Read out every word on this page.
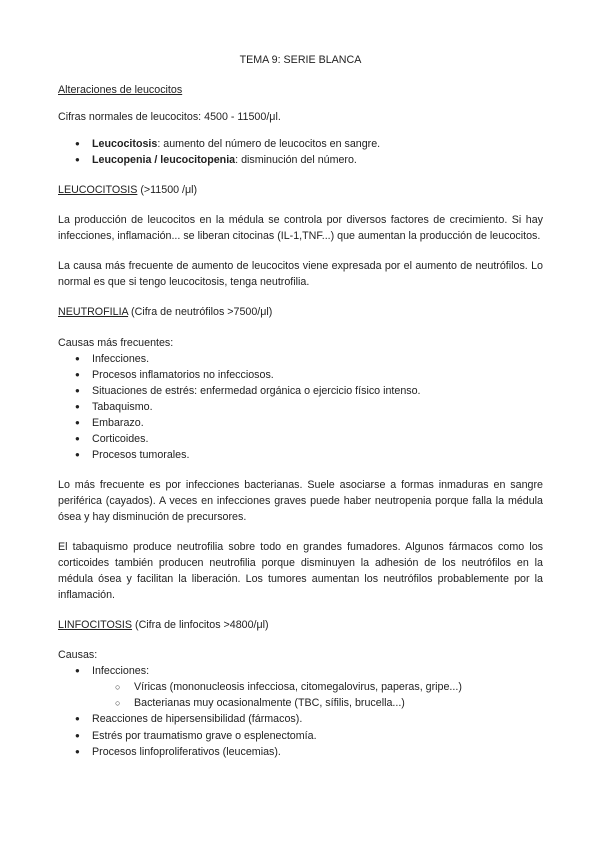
TEMA 9: SERIE BLANCA

Alteraciones de leucocitos

Cifras normales de leucocitos: 4500 - 11500/μl.

● Leucocitosis: aumento del número de leucocitos en sangre.
● Leucopenia / leucocitopenia: disminución del número.

LEUCOCITOSIS (>11500 /μl)

La producción de leucocitos en la médula se controla por diversos factores de crecimiento. Si hay infecciones, inflamación... se liberan citocinas (IL-1,TNF...) que aumentan la producción de leucocitos.

La causa más frecuente de aumento de leucocitos viene expresada por el aumento de neutrófilos. Lo normal es que si tengo leucocitosis, tenga neutrofilia.

NEUTROFILIA (Cifra de neutrófilos >7500/μl)

Causas más frecuentes:

● Infecciones.
● Procesos inflamatorios no infecciosos.
● Situaciones de estrés: enfermedad orgánica o ejercicio físico intenso.
● Tabaquismo.
● Embarazo.
● Corticoides.
● Procesos tumorales.

Lo más frecuente es por infecciones bacterianas. Suele asociarse a formas inmaduras en sangre periférica (cayados). A veces en infecciones graves puede haber neutropenia porque falla la médula ósea y hay disminución de precursores.

El tabaquismo produce neutrofilia sobre todo en grandes fumadores. Algunos fármacos como los corticoides también producen neutrofilia porque disminuyen la adhesión de los neutrófilos en la médula ósea y facilitan la liberación. Los tumores aumentan los neutrófilos probablemente por la inflamación.

LINFOCITOSIS (Cifra de linfocitos >4800/μl)

Causas:

● Infecciones:
○ Víricas (mononucleosis infecciosa, citomegalovirus, paperas, gripe...)
○ Bacterianas muy ocasionalmente (TBC, sífilis, brucella...)
● Reacciones de hipersensibilidad (fármacos).
● Estrés por traumatismo grave o esplenectomía.
● Procesos linfoproliferativos (leucemias).
